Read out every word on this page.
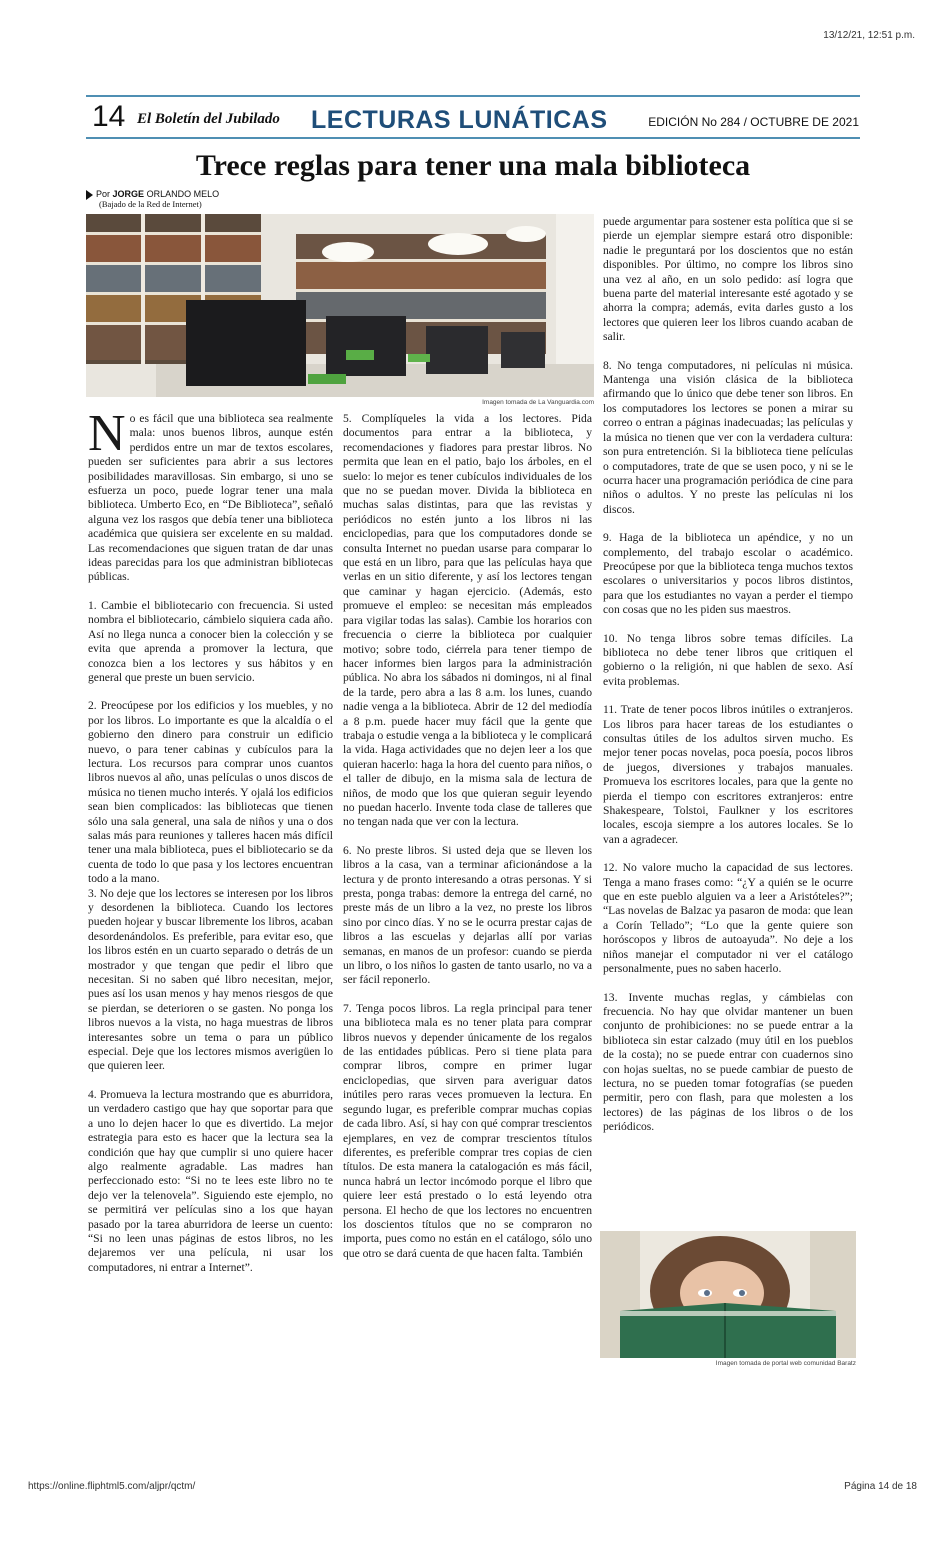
13/12/21, 12:51 p.m.
https://online.fliphtml5.com/aljpr/qctm/	Página 14 de 18
14 El Boletín del Jubilado LECTURAS LUNÁTICAS	EDICIÓN No 284 / OCTUBRE DE 2021
Trece reglas para tener una mala biblioteca
Por JORGE ORLANDO MELO
(Bajado de la Red de Internet)
Imagen tomada de La Vanguardia.com

No es fácil que una biblioteca sea realmente mala: unos buenos libros, aunque estén perdidos entre un mar de textos escolares, pueden ser suficientes para abrir a sus lectores posibilidades maravillosas. Sin embargo, si uno se esfuerza un poco, puede lograr tener una mala biblioteca. Umberto Eco, en “De Biblioteca”, señaló alguna vez los rasgos que debía tener una biblioteca académica que quisiera ser excelente en su maldad. Las recomendaciones que siguen tratan de dar unas ideas parecidas para los que administran bibliotecas públicas.

1. Cambie el bibliotecario con frecuencia. Si usted nombra el bibliotecario, cámbielo siquiera cada año. Así no llega nunca a conocer bien la colección y se evita que aprenda a promover la lectura, que conozca bien a los lectores y sus hábitos y en general que preste un buen servicio.

2. Preocúpese por los edificios y los muebles, y no por los libros. Lo importante es que la alcaldía o el gobierno den dinero para construir un edificio nuevo, o para tener cabinas y cubículos para la lectura. Los recursos para comprar unos cuantos libros nuevos al año, unas películas o unos discos de música no tienen mucho interés. Y ojalá los edificios sean bien complicados: las bibliotecas que tienen sólo una sala general, una sala de niños y una o dos salas más para reuniones y talleres hacen más difícil tener una mala biblioteca, pues el bibliotecario se da cuenta de todo lo que pasa y los lectores encuentran todo a la mano.

3. No deje que los lectores se interesen por los libros y desordenen la biblioteca. Cuando los lectores pueden hojear y buscar libremente los libros, acaban desordenándolos. Es preferible, para evitar eso, que los libros estén en un cuarto separado o detrás de un mostrador y que tengan que pedir el libro que necesitan. Si no saben qué libro necesitan, mejor, pues así los usan menos y hay menos riesgos de que se pierdan, se deterioren o se gasten. No ponga los libros nuevos a la vista, no haga muestras de libros interesantes sobre un tema o para un público especial. Deje que los lectores mismos averigüen lo que quieren leer.

4. Promueva la lectura mostrando que es aburridora, un verdadero castigo que hay que soportar para que a uno lo dejen hacer lo que es divertido. La mejor estrategia para esto es hacer que la lectura sea la condición que hay que cumplir si uno quiere hacer algo realmente agradable. Las madres han perfeccionado esto: “Si no te lees este libro no te dejo ver la telenovela”. Siguiendo este ejemplo, no se permitirá ver películas sino a los que hayan pasado por la tarea aburridora de leerse un cuento: “Si no leen unas páginas de estos libros, no les dejaremos ver una película, ni usar los computadores, ni entrar a Internet”.

5. Complíqueles la vida a los lectores. Pida documentos para entrar a la biblioteca, y recomendaciones y fiadores para prestar libros. No permita que lean en el patio, bajo los árboles, en el suelo: lo mejor es tener cubículos individuales de los que no se puedan mover. Divida la biblioteca en muchas salas distintas, para que las revistas y periódicos no estén junto a los libros ni las enciclopedias, para que los computadores donde se consulta Internet no puedan usarse para comparar lo que está en un libro, para que las películas haya que verlas en un sitio diferente, y así los lectores tengan que caminar y hagan ejercicio. (Además, esto promueve el empleo: se necesitan más empleados para vigilar todas las salas). Cambie los horarios con frecuencia o cierre la biblioteca por cualquier motivo; sobre todo, ciérrela para tener tiempo de hacer informes bien largos para la administración pública. No abra los sábados ni domingos, ni al final de la tarde, pero abra a las 8 a.m. los lunes, cuando nadie venga a la biblioteca. Abrir de 12 del mediodía a 8 p.m. puede hacer muy fácil que la gente que trabaja o estudie venga a la biblioteca y le complicará la vida. Haga actividades que no dejen leer a los que quieran hacerlo: haga la hora del cuento para niños, o el taller de dibujo, en la misma sala de lectura de niños, de modo que los que quieran seguir leyendo no puedan hacerlo. Invente toda clase de talleres que no tengan nada que ver con la lectura.

6. No preste libros. Si usted deja que se lleven los libros a la casa, van a terminar aficionándose a la lectura y de pronto interesando a otras personas. Y si presta, ponga trabas: demore la entrega del carné, no preste más de un libro a la vez, no preste los libros sino por cinco días. Y no se le ocurra prestar cajas de libros a las escuelas y dejarlas allí por varias semanas, en manos de un profesor: cuando se pierda un libro, o los niños lo gasten de tanto usarlo, no va a ser fácil reponerlo.

7. Tenga pocos libros. La regla principal para tener una biblioteca mala es no tener plata para comprar libros nuevos y depender únicamente de los regalos de las entidades públicas. Pero si tiene plata para comprar libros, compre en primer lugar enciclopedias, que sirven para averiguar datos inútiles pero raras veces promueven la lectura. En segundo lugar, es preferible comprar muchas copias de cada libro. Así, si hay con qué comprar trescientos ejemplares, en vez de comprar trescientos títulos diferentes, es preferible comprar tres copias de cien títulos. De esta manera la catalogación es más fácil, nunca habrá un lector incómodo porque el libro que quiere leer está prestado o lo está leyendo otra persona. El hecho de que los lectores no encuentren los doscientos títulos que no se compraron no importa, pues como no están en el catálogo, sólo uno que otro se dará cuenta de que hacen falta. También

puede argumentar para sostener esta política que si se pierde un ejemplar siempre estará otro disponible: nadie le preguntará por los doscientos que no están disponibles. Por último, no compre los libros sino una vez al año, en un solo pedido: así logra que buena parte del material interesante esté agotado y se ahorra la compra; además, evita darles gusto a los lectores que quieren leer los libros cuando acaban de salir.

8. No tenga computadores, ni películas ni música. Mantenga una visión clásica de la biblioteca afirmando que lo único que debe tener son libros. En los computadores los lectores se ponen a mirar su correo o entran a páginas inadecuadas; las películas y la música no tienen que ver con la verdadera cultura: son pura entretención. Si la biblioteca tiene películas o computadores, trate de que se usen poco, y ni se le ocurra hacer una programación periódica de cine para niños o adultos. Y no preste las películas ni los discos.

9. Haga de la biblioteca un apéndice, y no un complemento, del trabajo escolar o académico. Preocúpese por que la biblioteca tenga muchos textos escolares o universitarios y pocos libros distintos, para que los estudiantes no vayan a perder el tiempo con cosas que no les piden sus maestros.

10. No tenga libros sobre temas difíciles. La biblioteca no debe tener libros que critiquen el gobierno o la religión, ni que hablen de sexo. Así evita problemas.

11. Trate de tener pocos libros inútiles o extranjeros. Los libros para hacer tareas de los estudiantes o consultas útiles de los adultos sirven mucho. Es mejor tener pocas novelas, poca poesía, pocos libros de juegos, diversiones y trabajos manuales. Promueva los escritores locales, para que la gente no pierda el tiempo con escritores extranjeros: entre Shakespeare, Tolstoi, Faulkner y los escritores locales, escoja siempre a los autores locales. Se lo van a agradecer.

12. No valore mucho la capacidad de sus lectores. Tenga a mano frases como: “¿Y a quién se le ocurre que en este pueblo alguien va a leer a Aristóteles?”; “Las novelas de Balzac ya pasaron de moda: que lean a Corín Tellado”; “Lo que la gente quiere son horóscopos y libros de autoayuda”. No deje a los niños manejar el computador ni ver el catálogo personalmente, pues no saben hacerlo.

13. Invente muchas reglas, y cámbielas con frecuencia. No hay que olvidar mantener un buen conjunto de prohibiciones: no se puede entrar a la biblioteca sin estar calzado (muy útil en los pueblos de la costa); no se puede entrar con cuadernos sino con hojas sueltas, no se puede cambiar de puesto de lectura, no se pueden tomar fotografías (se pueden permitir, pero con flash, para que molesten a los lectores) de las páginas de los libros o de los periódicos.

Imagen tomada de portal web comunidad Baratz
